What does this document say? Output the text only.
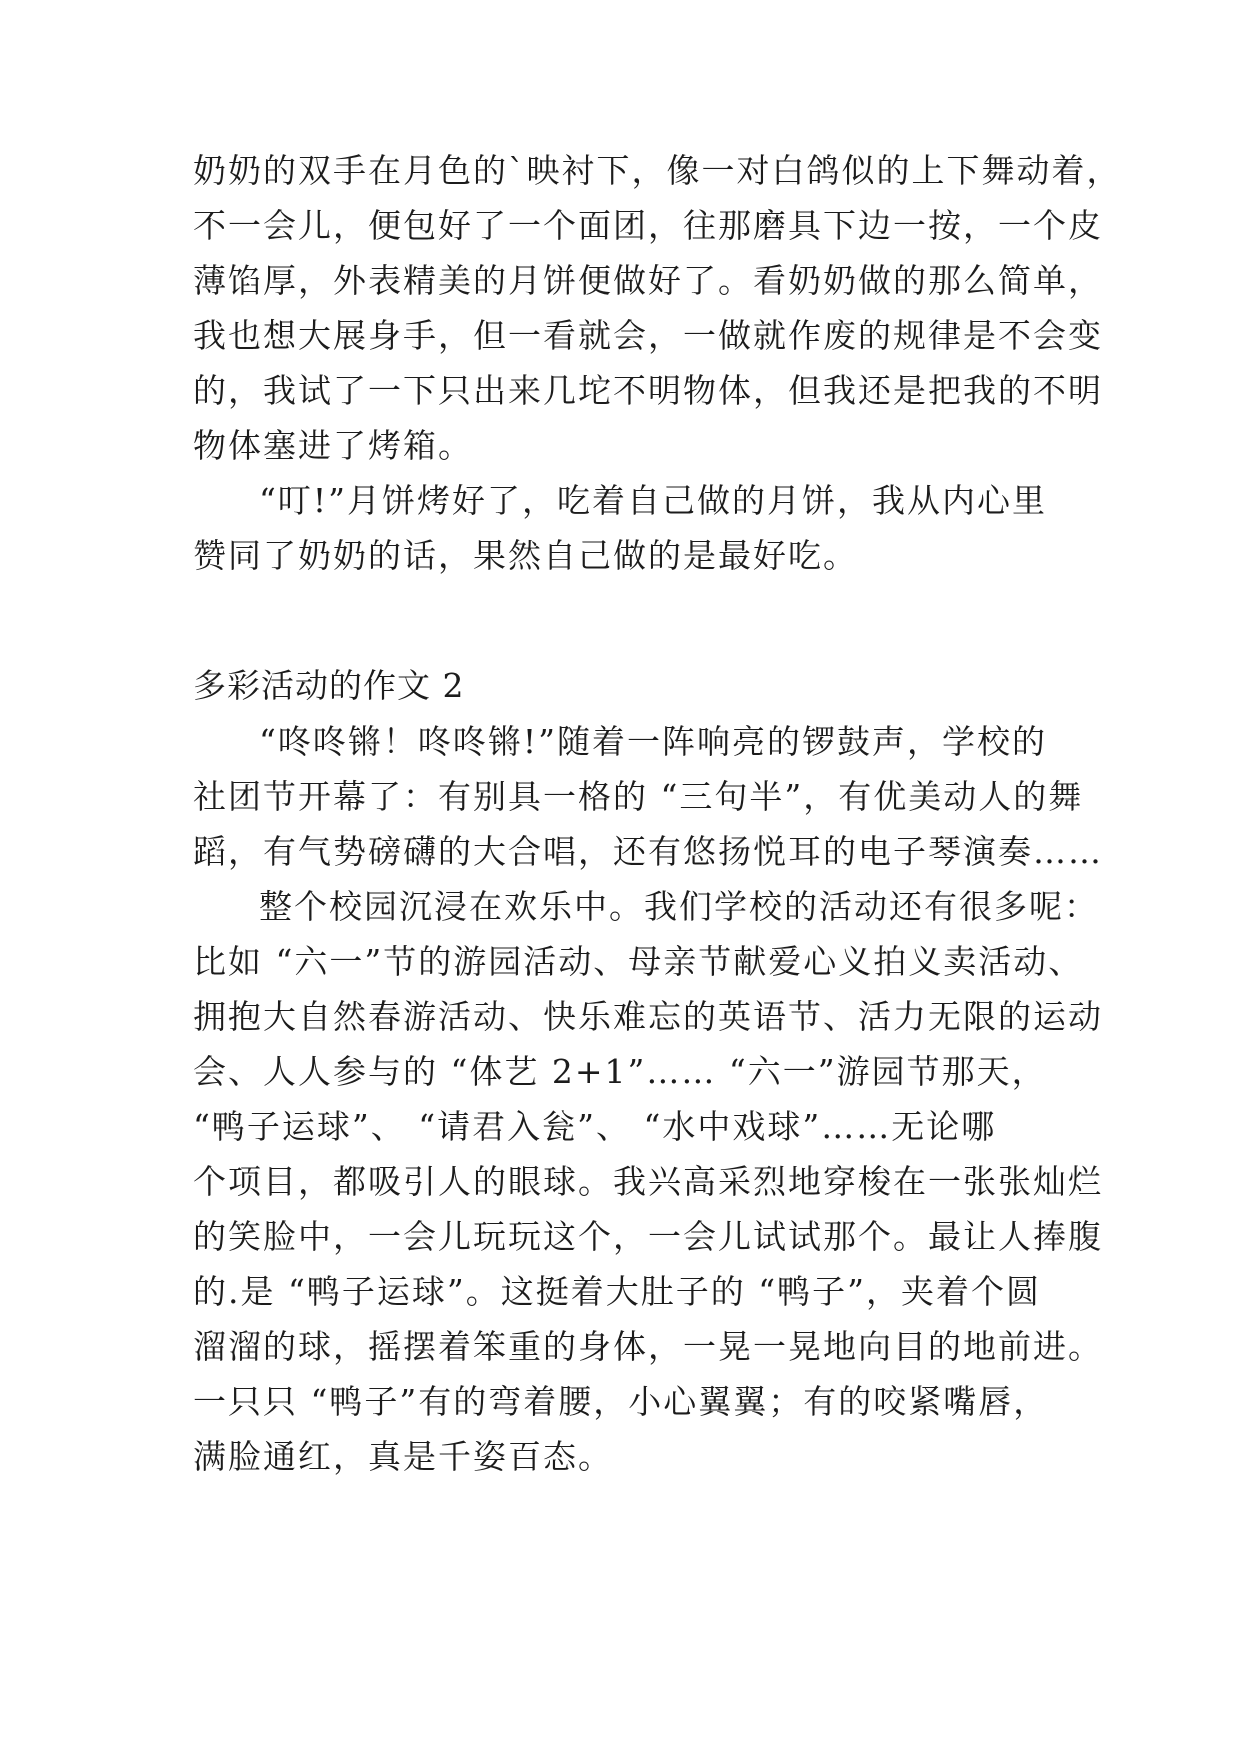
奶奶的双手在月色的`映衬下，像一对白鸽似的上下舞动着，
不一会儿，便包好了一个面团，往那磨具下边一按，一个皮
薄馅厚，外表精美的月饼便做好了。看奶奶做的那么简单，
我也想大展身手，但一看就会，一做就作废的规律是不会变
的，我试了一下只出来几坨不明物体，但我还是把我的不明
物体塞进了烤箱。
“叮!”月饼烤好了，吃着自己做的月饼，我从内心里
赞同了奶奶的话，果然自己做的是最好吃。
多彩活动的作文 2
“咚咚锵！咚咚锵!”随着一阵响亮的锣鼓声，学校的
社团节开幕了：有别具一格的 “三句半”，有优美动人的舞
蹈，有气势磅礴的大合唱，还有悠扬悦耳的电子琴演奏……
整个校园沉浸在欢乐中。我们学校的活动还有很多呢：
比如 “六一”节的游园活动、母亲节献爱心义拍义卖活动、
拥抱大自然春游活动、快乐难忘的英语节、活力无限的运动
会、人人参与的 “体艺 2+1”…… “六一”游园节那天，
“鸭子运球”、 “请君入瓮”、 “水中戏球”……无论哪
个项目，都吸引人的眼球。我兴高采烈地穿梭在一张张灿烂
的笑脸中，一会儿玩玩这个，一会儿试试那个。最让人捧腹
的.是 “鸭子运球”。这挺着大肚子的 “鸭子”，夹着个圆
溜溜的球，摇摆着笨重的身体，一晃一晃地向目的地前进。
一只只 “鸭子”有的弯着腰，小心翼翼；有的咬紧嘴唇，
满脸通红，真是千姿百态。
